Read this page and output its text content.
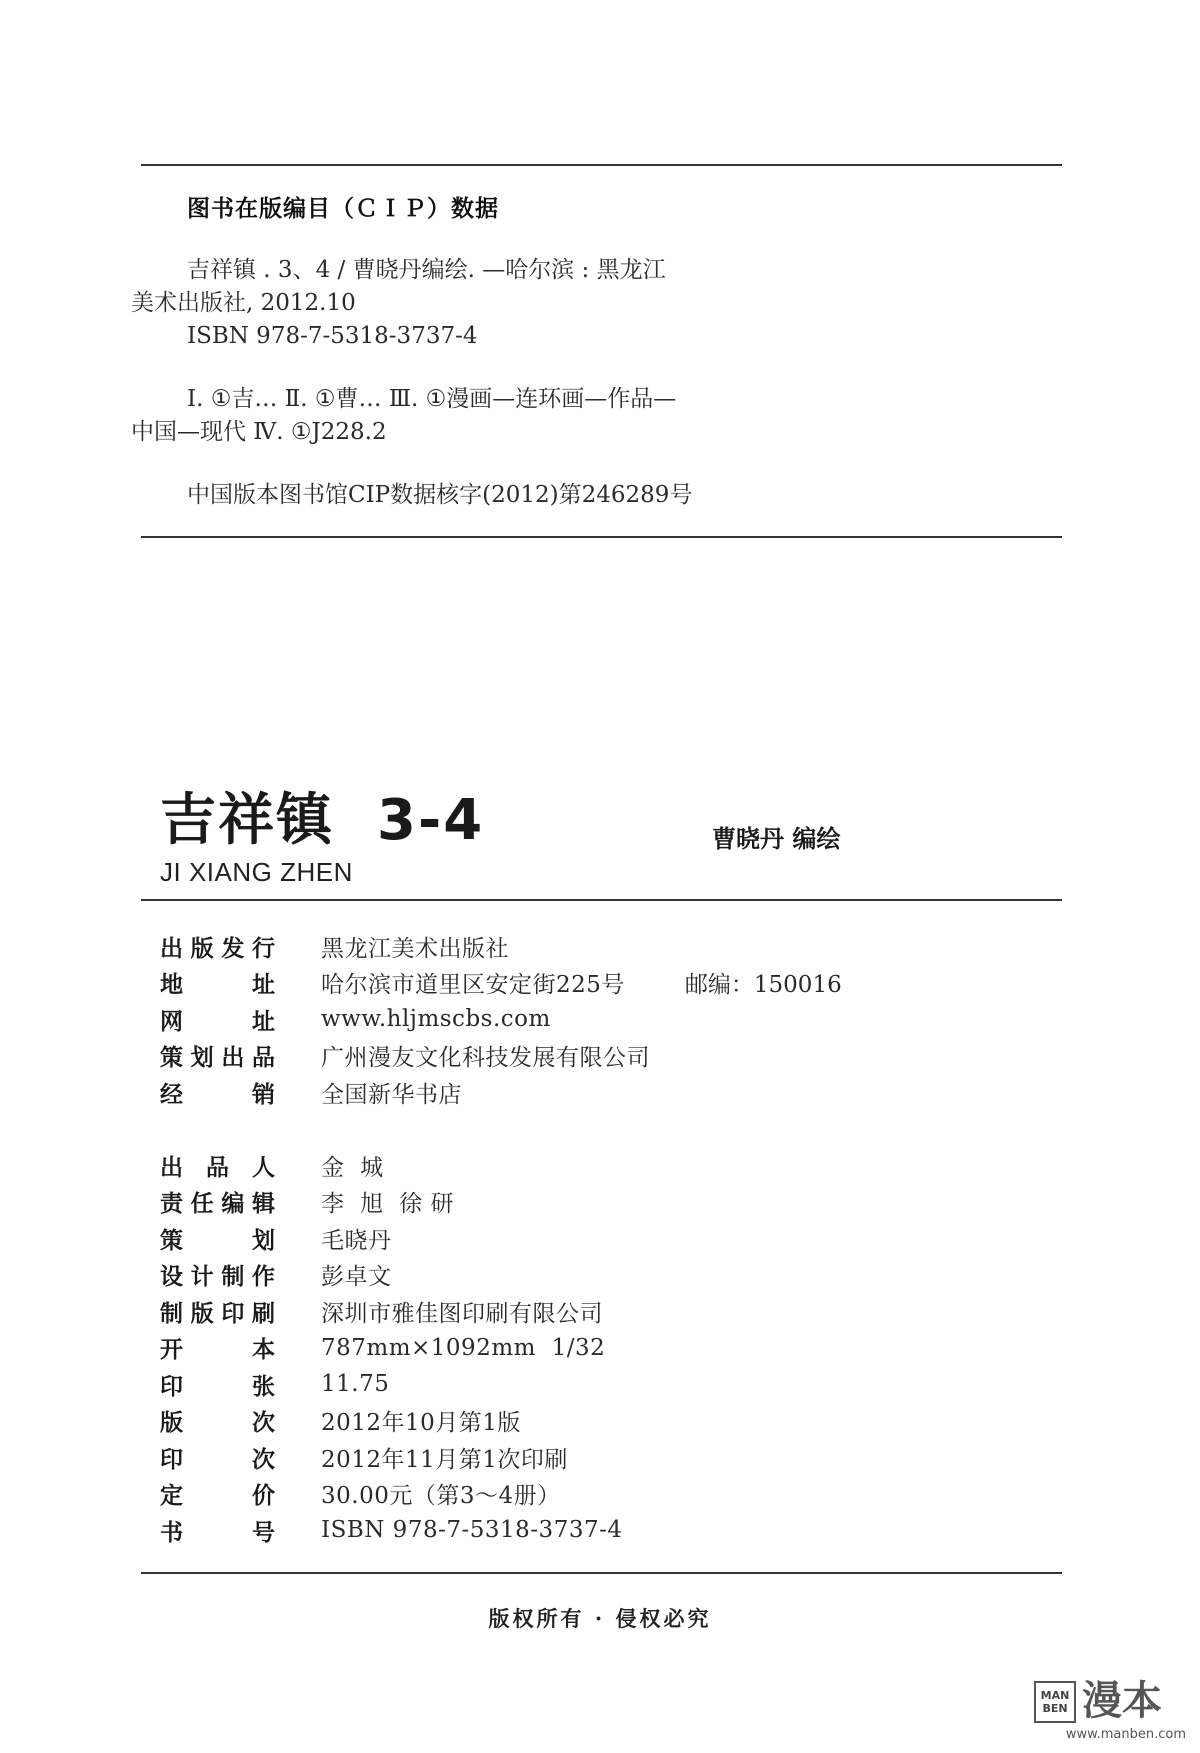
图书在版编目（ＣＩＰ）数据

吉祥镇 . 3、4 / 曹晓丹编绘. —哈尔滨 : 黑龙江

美术出版社, 2012.10

ISBN 978-7-5318-3737-4

Ⅰ. ①吉… Ⅱ. ①曹… Ⅲ. ①漫画—连环画—作品—

中国—现代 Ⅳ. ①J228.2

中国版本图书馆CIP数据核字(2012)第246289号

吉祥镇  3-4
JI XIANG ZHEN
曹晓丹 编绘
出 版 发 行 黑龙江美术出版社
地	址 哈尔滨市道里区安定街225号	邮编：150016
网	址 www.hljmscbs.com
策 划 出 品 广州漫友文化科技发展有限公司
经	销 全国新华书店
出 品 人 金  城
责 任 编 辑 李  旭  徐 研
策	划 毛晓丹
设 计 制 作 彭卓文
制 版 印 刷 深圳市雅佳图印刷有限公司
开	本 787mm×1092mm  1/32
印	张 11.75
版	次 2012年10月第1版
印	次 2012年11月第1次印刷
定	价 30.00元（第3～4册）
书	号 ISBN 978-7-5318-3737-4
版权所有 · 侵权必究
MAN BEN 漫本
www.manben.com
